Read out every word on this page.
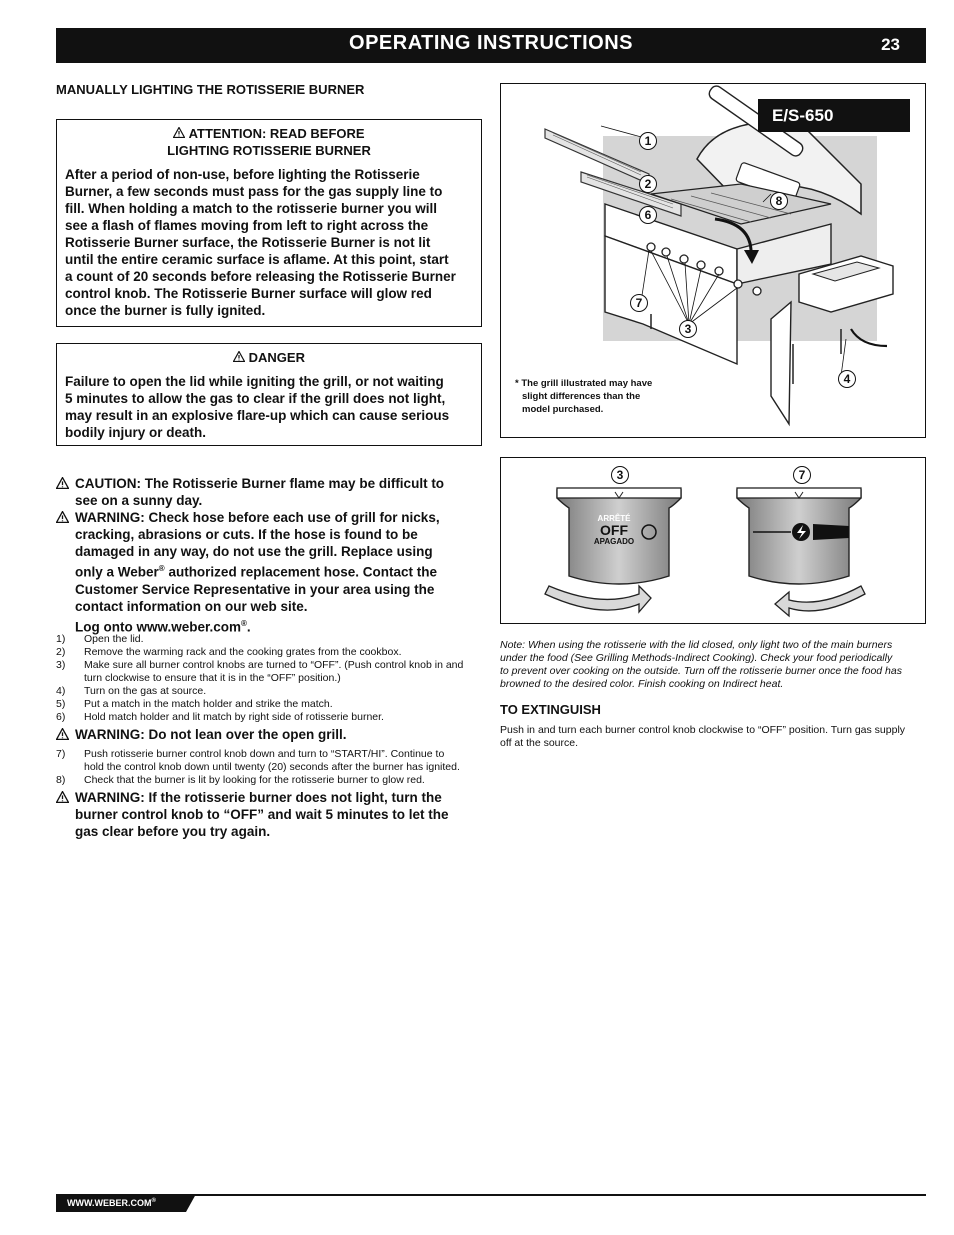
OPERATING INSTRUCTIONS	23
MANUALLY LIGHTING THE ROTISSERIE BURNER
ATTENTION: READ BEFORE
LIGHTING ROTISSERIE BURNER

After a period of non-use, before lighting the Rotisserie

Burner, a few seconds must pass for the gas supply line to

fill. When holding a match to the rotisserie burner you will

see a flash of flames moving from left to right across the

Rotisserie Burner surface, the Rotisserie Burner is not lit

until the entire ceramic surface is aflame. At this point, start

a count of 20 seconds before releasing the Rotisserie Burner

control knob. The Rotisserie Burner surface will glow red

once the burner is fully ignited.

DANGER

Failure to open the lid while igniting the grill, or not waiting

5 minutes to allow the gas to clear if the grill does not light,

may result in an explosive flare-up which can cause serious

bodily injury or death.

CAUTION: The Rotisserie Burner flame may be difficult to
see on a sunny day.
WARNING: Check hose before each use of grill for nicks,
cracking, abrasions or cuts. If the hose is found to be
damaged in any way, do not use the grill. Replace using
only a Weber® authorized replacement hose. Contact the
Customer Service Representative in your area using the
contact information on our web site.
Log onto www.weber.com®.
1) Open the lid.
2) Remove the warming rack and the cooking grates from the cookbox.
3) Make sure all burner control knobs are turned to “OFF”. (Push control knob in and
turn clockwise to ensure that it is in the “OFF” position.)
4) Turn on the gas at source.
5) Put a match in the match holder and strike the match.
6) Hold match holder and lit match by right side of rotisserie burner.
WARNING: Do not lean over the open grill.
7) Push rotisserie burner control knob down and turn to “START/HI”. Continue to
hold the control knob down until twenty (20) seconds after the burner has ignited.
8) Check that the burner is lit by looking for the rotisserie burner to glow red.
WARNING: If the rotisserie burner does not light, turn the
burner control knob to “OFF” and wait 5 minutes to let the
gas clear before you try again.
E/S-650
1
2
6
8
7
3
4
* The grill illustrated may have
slight differences than the
model purchased.
3	7
ARRÊTÉ
OFF
APAGADO
Note: When using the rotisserie with the lid closed, only light two of the main burners
under the food (See Grilling Methods-Indirect Cooking). Check your food periodically
to prevent over cooking on the outside. Turn off the rotisserie burner once the food has
browned to the desired color. Finish cooking on Indirect heat.
TO EXTINGUISH
Push in and turn each burner control knob clockwise to “OFF” position. Turn gas supply
off at the source.
WWW.WEBER.COM®
